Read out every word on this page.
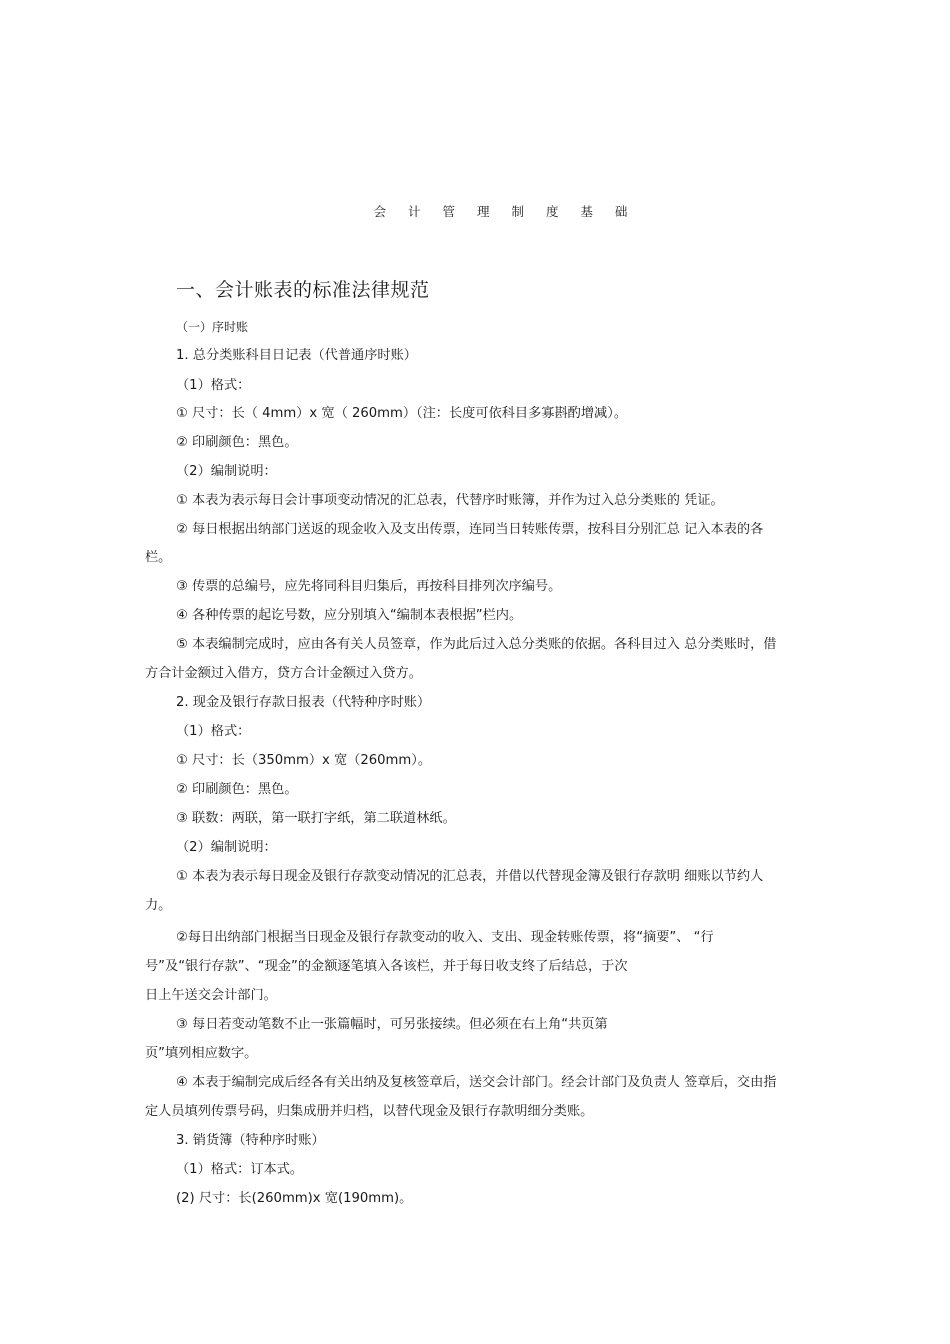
会 计 管 理 制 度 基 础
一、会计账表的标准法律规范
（一）序时账
1. 总分类账科目日记表（代普通序时账）
（1）格式：
① 尺寸：长（ 4mm）x 宽（ 260mm）（注：长度可依科目多寡斟酌增减）。
② 印刷颜色：黑色。
（2）编制说明：
① 本表为表示每日会计事项变动情况的汇总表，代替序时账簿，并作为过入总分类账的 凭证。
② 每日根据出纳部门送返的现金收入及支出传票，连同当日转账传票，按科目分别汇总 记入本表的各
栏。
③ 传票的总编号，应先将同科目归集后，再按科目排列次序编号。
④ 各种传票的起讫号数，应分别填入“编制本表根据”栏内。
⑤ 本表编制完成时，应由各有关人员签章，作为此后过入总分类账的依据。各科目过入 总分类账时，借
方合计金额过入借方，贷方合计金额过入贷方。
2. 现金及银行存款日报表（代特种序时账）
（1）格式：
① 尺寸：长（350mm）x 宽（260mm）。
② 印刷颜色：黑色。
③ 联数：两联，第一联打字纸，第二联道林纸。
（2）编制说明：
① 本表为表示每日现金及银行存款变动情况的汇总表，并借以代替现金簿及银行存款明 细账以节约人
力。
②每日出纳部门根据当日现金及银行存款变动的收入、支出、现金转账传票，将“摘要”、 “行
号”及“银行存款”、“现金”的金额逐笔填入各该栏，并于每日收支终了后结总，于次
日上午送交会计部门。
③ 每日若变动笔数不止一张篇幅时，可另张接续。但必须在右上角“共页第
页”填列相应数字。
④ 本表于编制完成后经各有关出纳及复核签章后，送交会计部门。经会计部门及负责人 签章后，交由指
定人员填列传票号码，归集成册并归档，以替代现金及银行存款明细分类账。
3. 销货簿（特种序时账）
（1）格式：订本式。
(2) 尺寸：长(260mm)x 宽(190mm)。
